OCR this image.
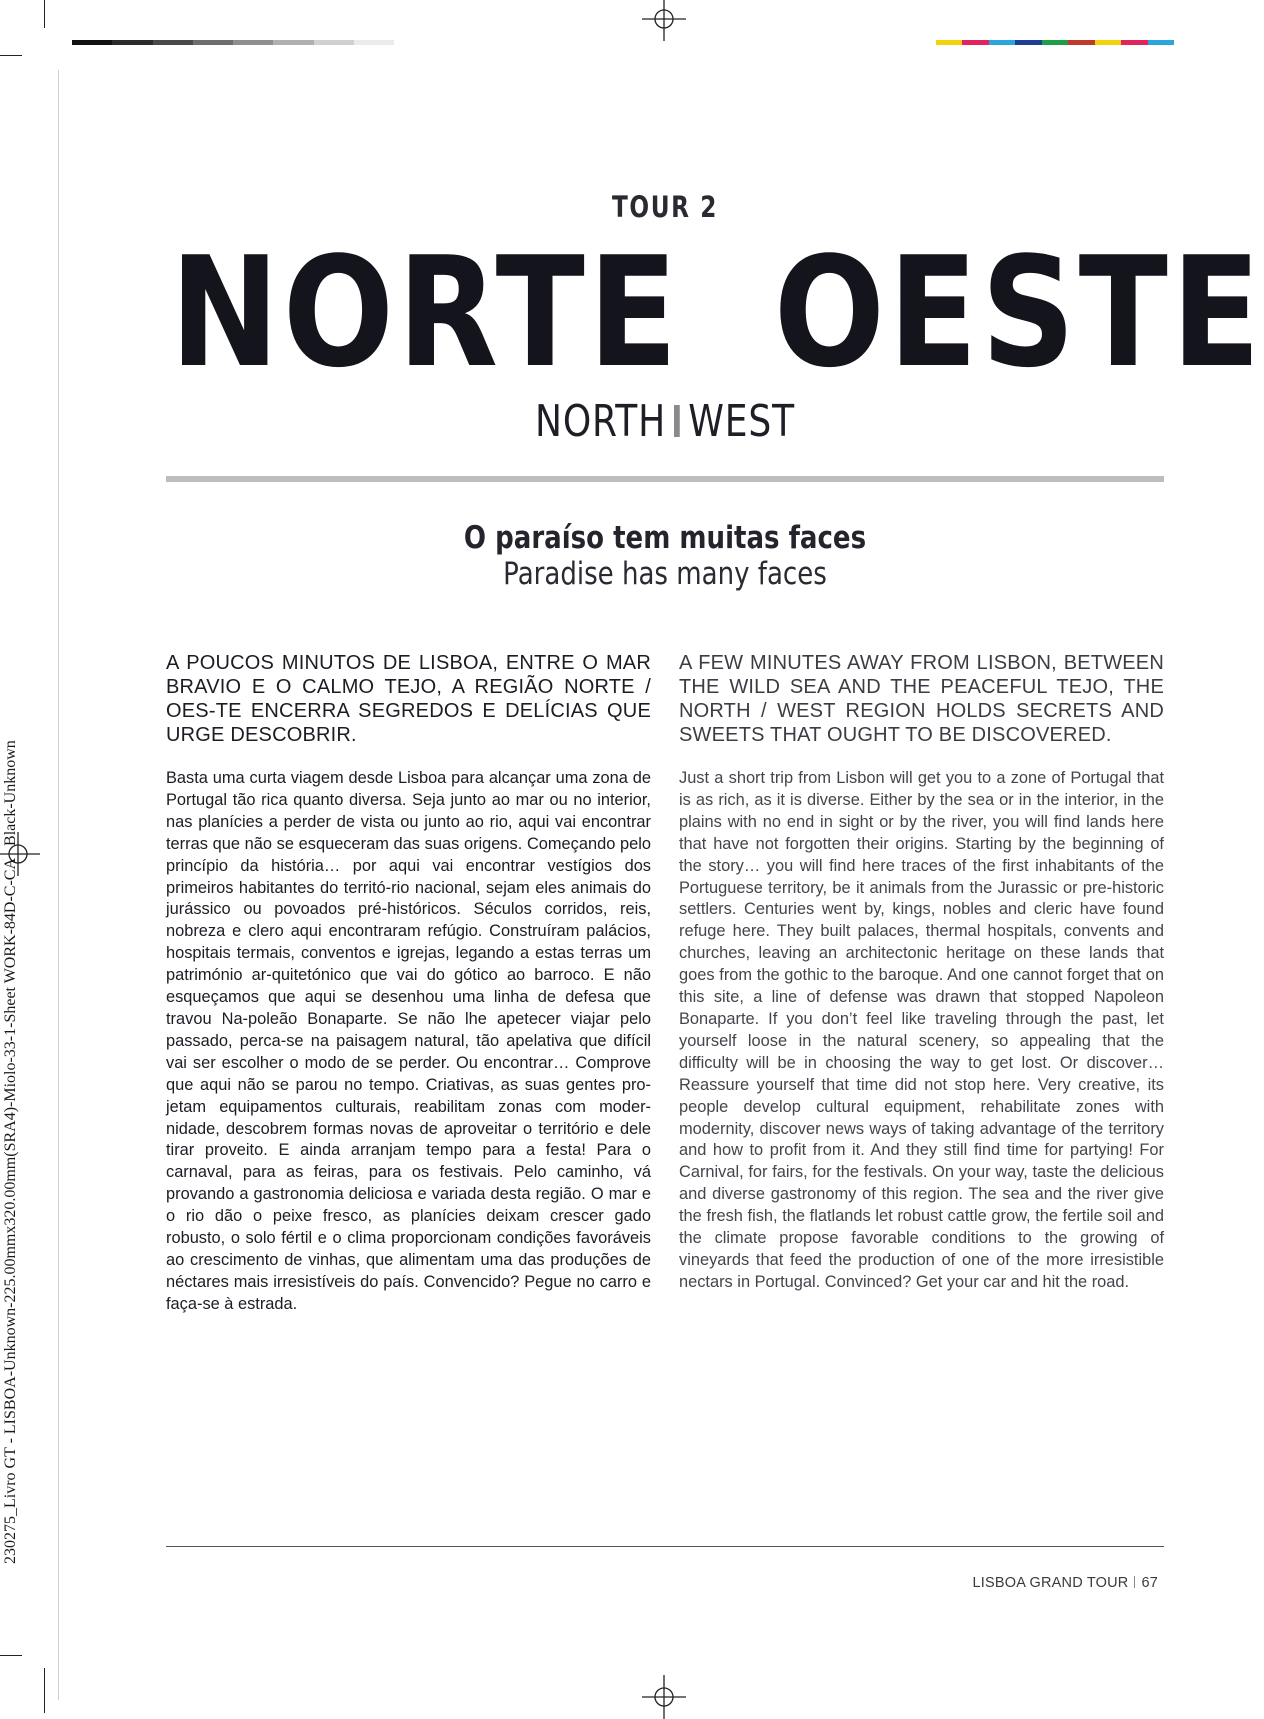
230275_Livro GT - LISBOA-Unknown-225.00mmx320.00mm(SRA4)-Miolo-33-1-Sheet WORK-84D-C-CA   Black-Unknown
TOUR 2
NORTE OESTE
NORTH WEST
O paraíso tem muitas faces
Paradise has many faces

A POUCOS MINUTOS DE LISBOA, ENTRE O MAR BRAVIO E O CALMO TEJO, A REGIÃO NORTE / OES-TE ENCERRA SEGREDOS E DELÍCIAS QUE URGE DESCOBRIR.

Basta uma curta viagem desde Lisboa para alcançar uma zona de Portugal tão rica quanto diversa. Seja junto ao mar ou no interior, nas planícies a perder de vista ou junto ao rio, aqui vai encontrar terras que não se esqueceram das suas origens. Começando pelo princípio da história… por aqui vai encontrar vestígios dos primeiros habitantes do territó-rio nacional, sejam eles animais do jurássico ou povoados pré-históricos. Séculos corridos, reis, nobreza e clero aqui encontraram refúgio. Construíram palácios, hospitais termais, conventos e igrejas, legando a estas terras um património ar-quitetónico que vai do gótico ao barroco. E não esqueçamos que aqui se desenhou uma linha de defesa que travou Na-poleão Bonaparte. Se não lhe apetecer viajar pelo passado, perca-se na paisagem natural, tão apelativa que difícil vai ser escolher o modo de se perder. Ou encontrar… Comprove que aqui não se parou no tempo. Criativas, as suas gentes pro-jetam equipamentos culturais, reabilitam zonas com moder-nidade, descobrem formas novas de aproveitar o território e dele tirar proveito. E ainda arranjam tempo para a festa! Para o carnaval, para as feiras, para os festivais. Pelo caminho, vá provando a gastronomia deliciosa e variada desta região. O mar e o rio dão o peixe fresco, as planícies deixam crescer gado robusto, o solo fértil e o clima proporcionam condições favoráveis ao crescimento de vinhas, que alimentam uma das produções de néctares mais irresistíveis do país. Convencido? Pegue no carro e faça-se à estrada.

A FEW MINUTES AWAY FROM LISBON, BETWEEN THE WILD SEA AND THE PEACEFUL TEJO, THE NORTH / WEST REGION HOLDS SECRETS AND SWEETS THAT OUGHT TO BE DISCOVERED.

Just a short trip from Lisbon will get you to a zone of Portugal that is as rich, as it is diverse. Either by the sea or in the interior, in the plains with no end in sight or by the river, you will find lands here that have not forgotten their origins. Starting by the beginning of the story… you will find here traces of the first inhabitants of the Portuguese territory, be it animals from the Jurassic or pre-historic settlers. Centuries went by, kings, nobles and cleric have found refuge here. They built palaces, thermal hospitals, convents and churches, leaving an architectonic heritage on these lands that goes from the gothic to the baroque. And one cannot forget that on this site, a line of defense was drawn that stopped Napoleon Bonaparte. If you don’t feel like traveling through the past, let yourself loose in the natural scenery, so appealing that the difficulty will be in choosing the way to get lost. Or discover… Reassure yourself that time did not stop here. Very creative, its people develop cultural equipment, rehabilitate zones with modernity, discover news ways of taking advantage of the territory and how to profit from it. And they still find time for partying! For Carnival, for fairs, for the festivals. On your way, taste the delicious and diverse gastronomy of this region. The sea and the river give the fresh fish, the flatlands let robust cattle grow, the fertile soil and the climate propose favorable conditions to the growing of vineyards that feed the production of one of the more irresistible nectars in Portugal. Convinced? Get your car and hit the road.

LISBOA GRAND TOUR 67
